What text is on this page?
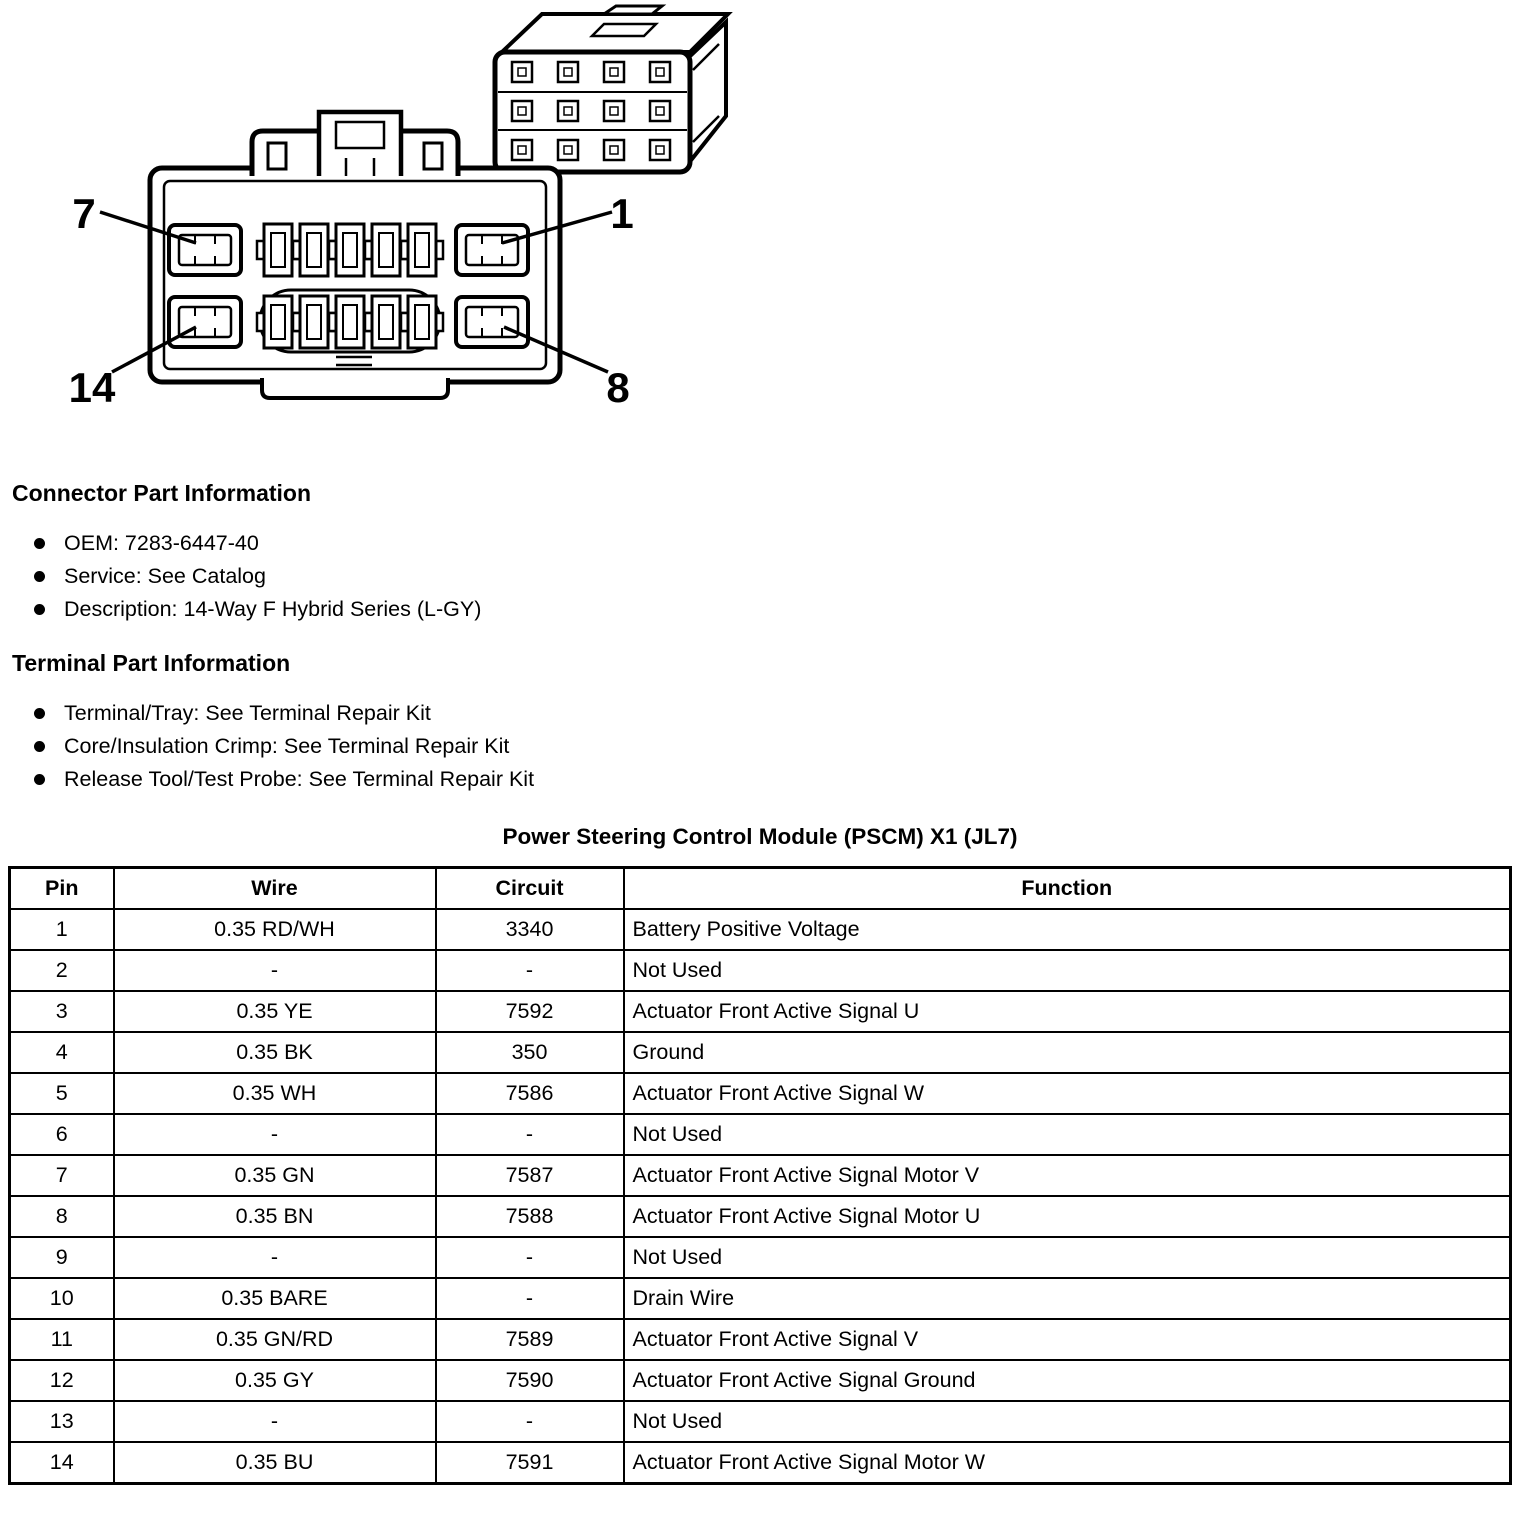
7	1
14	8
Connector Part Information
OEM: 7283-6447-40
Service: See Catalog
Description: 14-Way F Hybrid Series (L-GY)
Terminal Part Information
Terminal/Tray: See Terminal Repair Kit
Core/Insulation Crimp: See Terminal Repair Kit
Release Tool/Test Probe: See Terminal Repair Kit
Power Steering Control Module (PSCM) X1 (JL7)
Pin	Wire	Circuit	Function
1	0.35 RD/WH	3340	Battery Positive Voltage
2	-	-	Not Used
3	0.35 YE	7592	Actuator Front Active Signal U
4	0.35 BK	350	Ground
5	0.35 WH	7586	Actuator Front Active Signal W
6	-	-	Not Used
7	0.35 GN	7587	Actuator Front Active Signal Motor V
8	0.35 BN	7588	Actuator Front Active Signal Motor U
9	-	-	Not Used
10	0.35 BARE	-	Drain Wire
11	0.35 GN/RD	7589	Actuator Front Active Signal V
12	0.35 GY	7590	Actuator Front Active Signal Ground
13	-	-	Not Used
14	0.35 BU	7591	Actuator Front Active Signal Motor W
